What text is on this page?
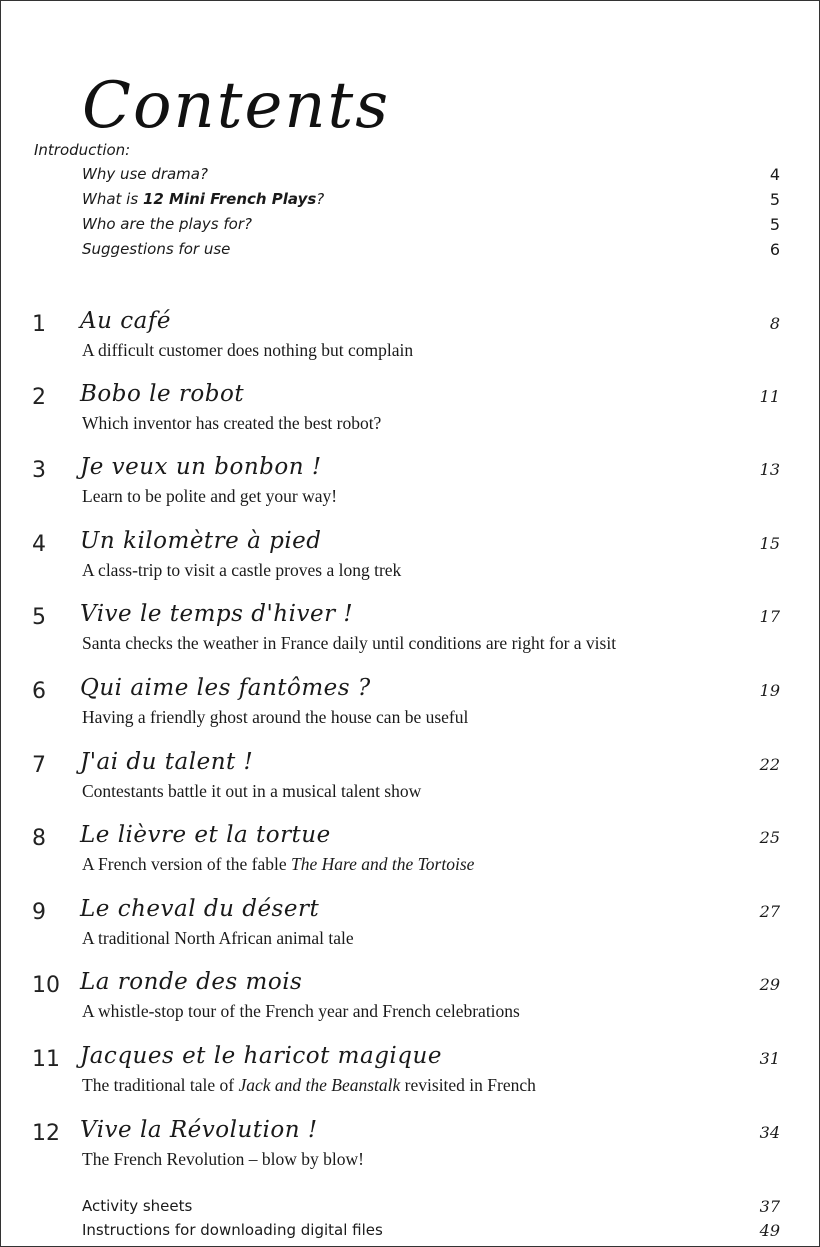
Contents
Introduction:
Why use drama?	4
What is 12 Mini French Plays?	5
Who are the plays for?	5
Suggestions for use	6
1 Au café	8
A difficult customer does nothing but complain
2 Bobo le robot	11
Which inventor has created the best robot?
3 Je veux un bonbon !	13
Learn to be polite and get your way!
4 Un kilomètre à pied	15
A class-trip to visit a castle proves a long trek
5 Vive le temps d'hiver !	17
Santa checks the weather in France daily until conditions are right for a visit
6 Qui aime les fantômes ?	19
Having a friendly ghost around the house can be useful
7 J'ai du talent !	22
Contestants battle it out in a musical talent show
8 Le lièvre et la tortue	25
A French version of the fable The Hare and the Tortoise
9 Le cheval du désert	27
A traditional North African animal tale
10 La ronde des mois	29
A whistle-stop tour of the French year and French celebrations
11 Jacques et le haricot magique	31
The traditional tale of Jack and the Beanstalk revisited in French
12 Vive la Révolution !	34
The French Revolution – blow by blow!
Activity sheets	37
Instructions for downloading digital files	49
